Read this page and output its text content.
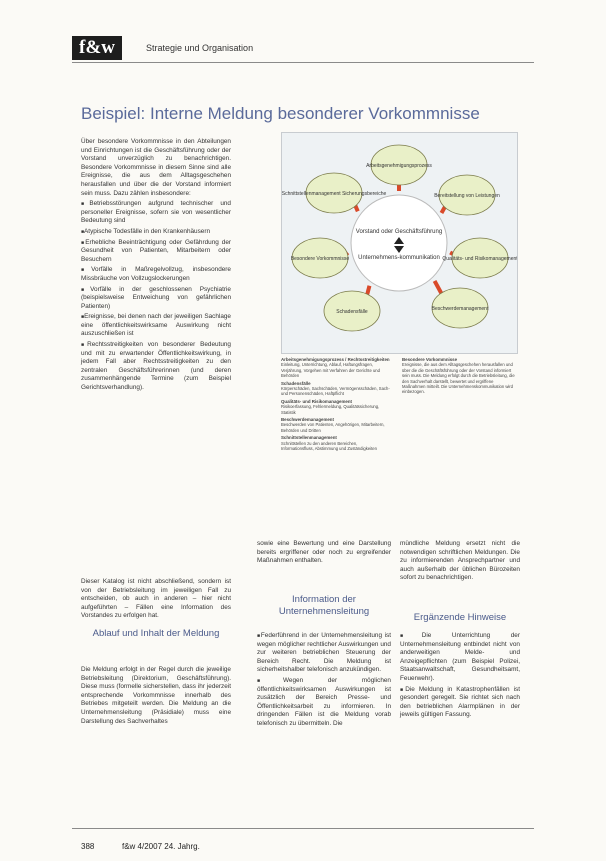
f&w	Strategie und Organisation
Beispiel: Interne Meldung besonderer Vorkommnisse
Über besondere Vorkommnisse in den Abteilungen und Einrichtungen ist die Geschäftsführung oder der Vorstand unverzüglich zu benachrichtigen. Besondere Vorkommnisse in diesem Sinne sind alle Ereignisse, die aus dem Alltagsgeschehen herausfallen und über die der Vorstand informiert sein muss. Dazu zählen insbesondere:
■ Betriebsstörungen aufgrund technischer und personeller Ereignisse, sofern sie von wesentlicher Bedeutung sind
■ Atypische Todesfälle in den Krankenhäusern
■ Erhebliche Beeinträchtigung oder Gefährdung der Gesundheit von Patienten, Mitarbeitern oder Besuchern
■ Vorfälle in Maßregelvollzug, insbesondere Missbräuche von Vollzugslockerungen
■ Vorfälle in der geschlossenen Psychiatrie (beispielsweise Entweichung von gefährlichen Patienten)
■ Ereignisse, bei denen nach der jeweiligen Sachlage eine öffentlichkeitswirksame Auswirkung nicht auszuschließen ist
■ Rechtsstreitigkeiten von besonderer Bedeutung und mit zu erwartender Öffentlichkeitswirkung, in jedem Fall aber Rechtsstreitigkeiten zu den zentralen Geschäftsführerinnen (und deren zusammenhängende Termine (zum Beispiel Gerichtsverhandlung).
Dieser Katalog ist nicht abschließend, sondern ist von der Betriebsleitung im jeweiligen Fall zu entscheiden, ob auch in anderen – hier nicht aufgeführten – Fällen eine Information des Vorstandes zu erfolgen hat.
Ablauf und Inhalt der Meldung
Die Meldung erfolgt in der Regel durch die jeweilige Betriebsleitung (Direktorium, Geschäftsführung). Diese muss (formelle sicherstellen, dass ihr jederzeit entsprechende Vorkommnisse innerhalb des Betriebes mitgeteilt werden. Die Meldung an die Unternehmensleitung (Präsidiale) muss eine Darstellung des Sachverhaltes
Vorstand oder Geschäftsführung
Unternehmens-kommunikation
Arbeitsgenehmigungsprozess
Schnittstellenmanagement Sicherungsbereiche	Bereitstellung von Leistungen
Qualitäts- und Risikomanagement
Beschwerdemanagement
Schadensfälle
Besondere Vorkommnisse
Arbeitsgenehmigungsprozess / Rechtsstreitigkeiten
Einleitung, Unterrichtung, Ablauf, Haftungsfragen, Verjährung, Vorgehen mit Verfahren der Gerichte und Behörden
Schadensfälle
Körperschäden, Sachschäden, Vermögensschäden, Sach- und Personenschäden, Haftpflicht
Qualitäts- und Risikomanagement
Risikoerfassung, Fehlermeldung, Qualitätssicherung, Statistik
Beschwerdemanagement
Beschwerden von Patienten, Angehörigen, Mitarbeitern, Behörden und Dritten
Schnittstellenmanagement
Schnittstellen zu den anderen Bereichen, Informationsfluss, Abstimmung und Zuständigkeiten
Besondere Vorkommnisse
Ereignisse, die aus dem Alltagsgeschehen herausfallen und über die die Geschäftsführung oder der Vorstand informiert sein muss. Die Meldung erfolgt durch die Betriebsleitung, die den Sachverhalt darstellt, bewertet und ergriffene Maßnahmen mitteilt. Die Unternehmenskommunikation wird einbezogen.
sowie eine Bewertung und eine Darstellung bereits ergriffener oder noch zu ergreifender Maßnahmen enthalten.
Information der Unternehmensleitung
■ Federführend in der Unternehmensleitung ist wegen möglicher rechtlicher Auswirkungen und zur weiteren betrieblichen Steuerung der Bereich Recht. Die Meldung ist sicherheitshalber telefonisch anzukündigen.
■ Wegen der möglichen öffentlichkeitswirksamen Auswirkungen ist zusätzlich der Bereich Presse- und Öffentlichkeitsarbeit zu informieren. In dringenden Fällen ist die Meldung vorab telefonisch zu übermitteln. Die
mündliche Meldung ersetzt nicht die notwendigen schriftlichen Meldungen. Die zu informierenden Ansprechpartner und auch außerhalb der üblichen Bürozeiten sofort zu benachrichtigen.
Ergänzende Hinweise
■ Die Unterrichtung der Unternehmensleitung entbindet nicht von anderweitigen Melde- und Anzeigepflichten (zum Beispiel Polizei, Staatsanwaltschaft, Gesundheitsamt, Feuerwehr).
■ Die Meldung in Katastrophenfällen ist gesondert geregelt. Sie richtet sich nach den betrieblichen Alarmplänen in der jeweils gültigen Fassung.
388	f&w 4/2007 24. Jahrg.
